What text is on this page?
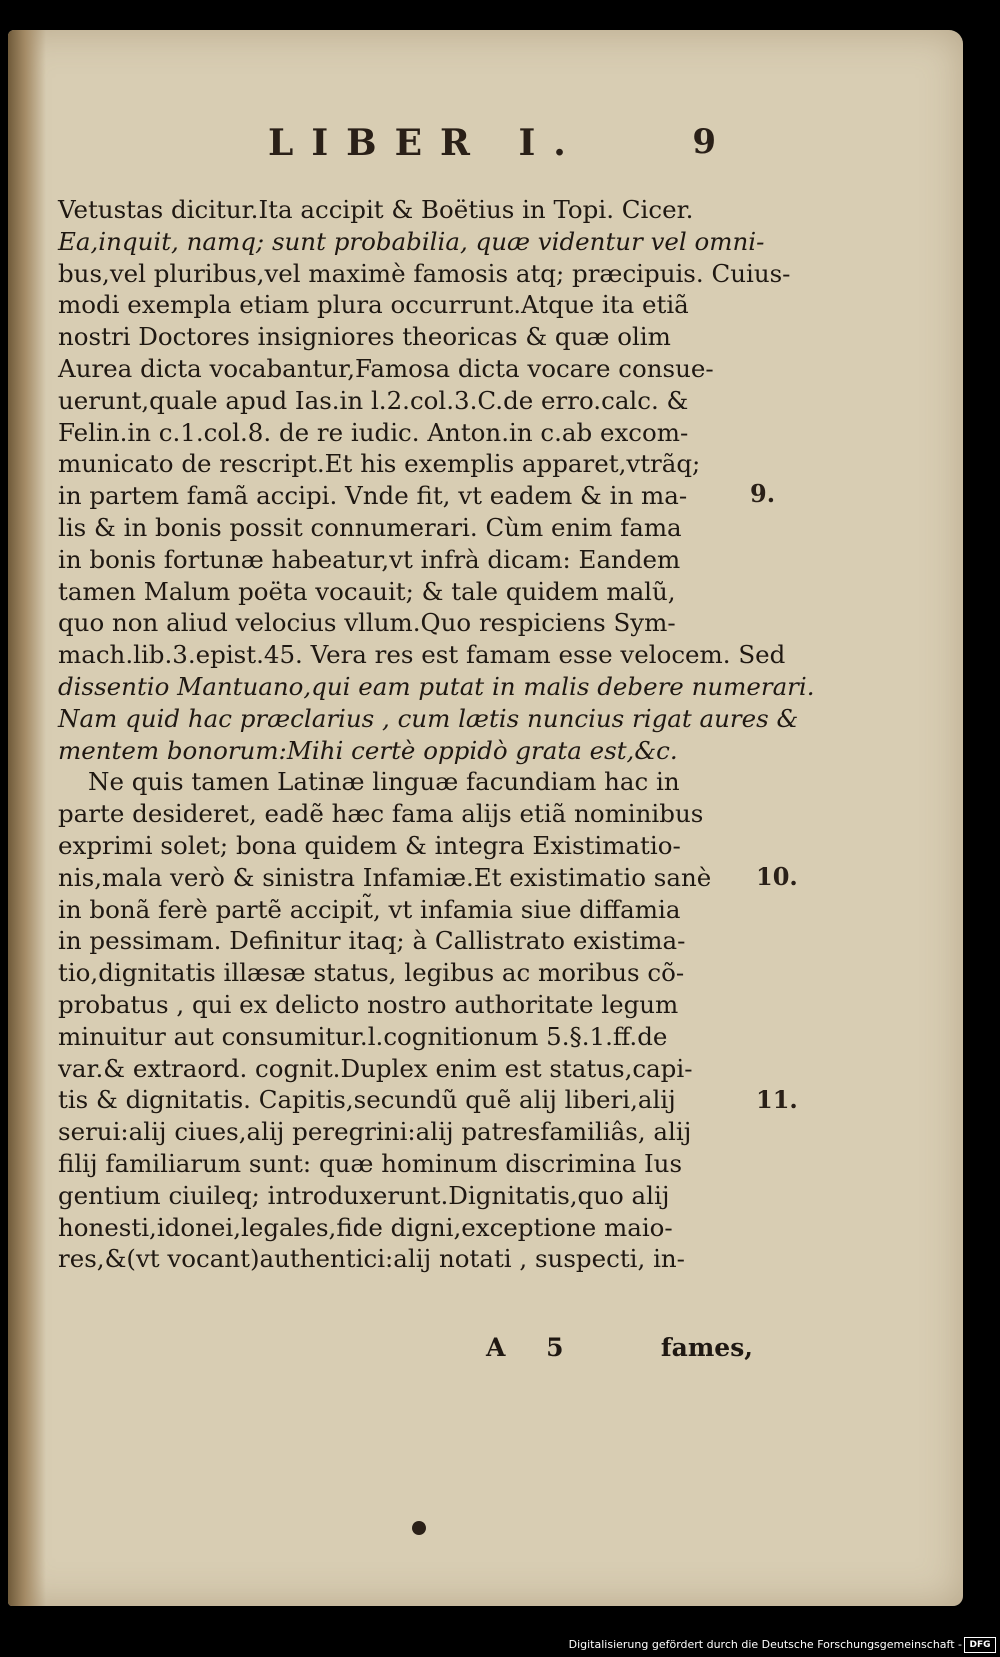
LIBER I.	9
Vetustas dicitur.Ita accipit & Boëtius in Topi. Cicer.
Ea,inquit, namq; sunt probabilia, quæ videntur vel omni-
bus,vel pluribus,vel maximè famosis atq; præcipuis. Cuius-
modi exempla etiam plura occurrunt.Atque ita etiã
nostri Doctores insigniores theoricas & quæ olim
Aurea dicta vocabantur,Famosa dicta vocare consue-
uerunt,quale apud Ias.in l.2.col.3.C.de erro.calc. &
Felin.in c.1.col.8. de re iudic. Anton.in c.ab excom-
municato de rescript.Et his exemplis apparet,vtrãq;
in partem famã accipi. Vnde fit, vt eadem & in ma-
lis & in bonis possit connumerari. Cùm enim fama
in bonis fortunæ habeatur,vt infrà dicam: Eandem
tamen Malum poëta vocauit; & tale quidem malũ,
quo non aliud velocius vllum.Quo respiciens Sym-
mach.lib.3.epist.45. Vera res est famam esse velocem. Sed
dissentio Mantuano,qui eam putat in malis debere numerari.
Nam quid hac præclarius , cum lætis nuncius rigat aures &
mentem bonorum:Mihi certè oppidò grata est,&c.
Ne quis tamen Latinæ linguæ facundiam hac in
parte desideret, eadẽ hæc fama alijs etiã nominibus
exprimi solet; bona quidem & integra Existimatio-
nis,mala verò & sinistra Infamiæ.Et existimatio sanè
in bonã ferè partẽ accipit̃, vt infamia siue diffamia
in pessimam. Definitur itaq; à Callistrato existima-
tio,dignitatis illæsæ status, legibus ac moribus cõ-
probatus , qui ex delicto nostro authoritate legum
minuitur aut consumitur.l.cognitionum 5.§.1.ff.de
var.& extraord. cognit.Duplex enim est status,capi-
tis & dignitatis. Capitis,secundũ quẽ alij liberi,alij
serui:alij ciues,alij peregrini:alij patresfamiliâs, alij
filij familiarum sunt: quæ hominum discrimina Ius
gentium ciuileq; introduxerunt.Dignitatis,quo alij
honesti,idonei,legales,fide digni,exceptione maio-
res,&(vt vocant)authentici:alij notati , suspecti, in-
9.
10.
11.
A 5	fames,
Digitalisierung gefördert durch die Deutsche Forschungsgemeinschaft - DFG
